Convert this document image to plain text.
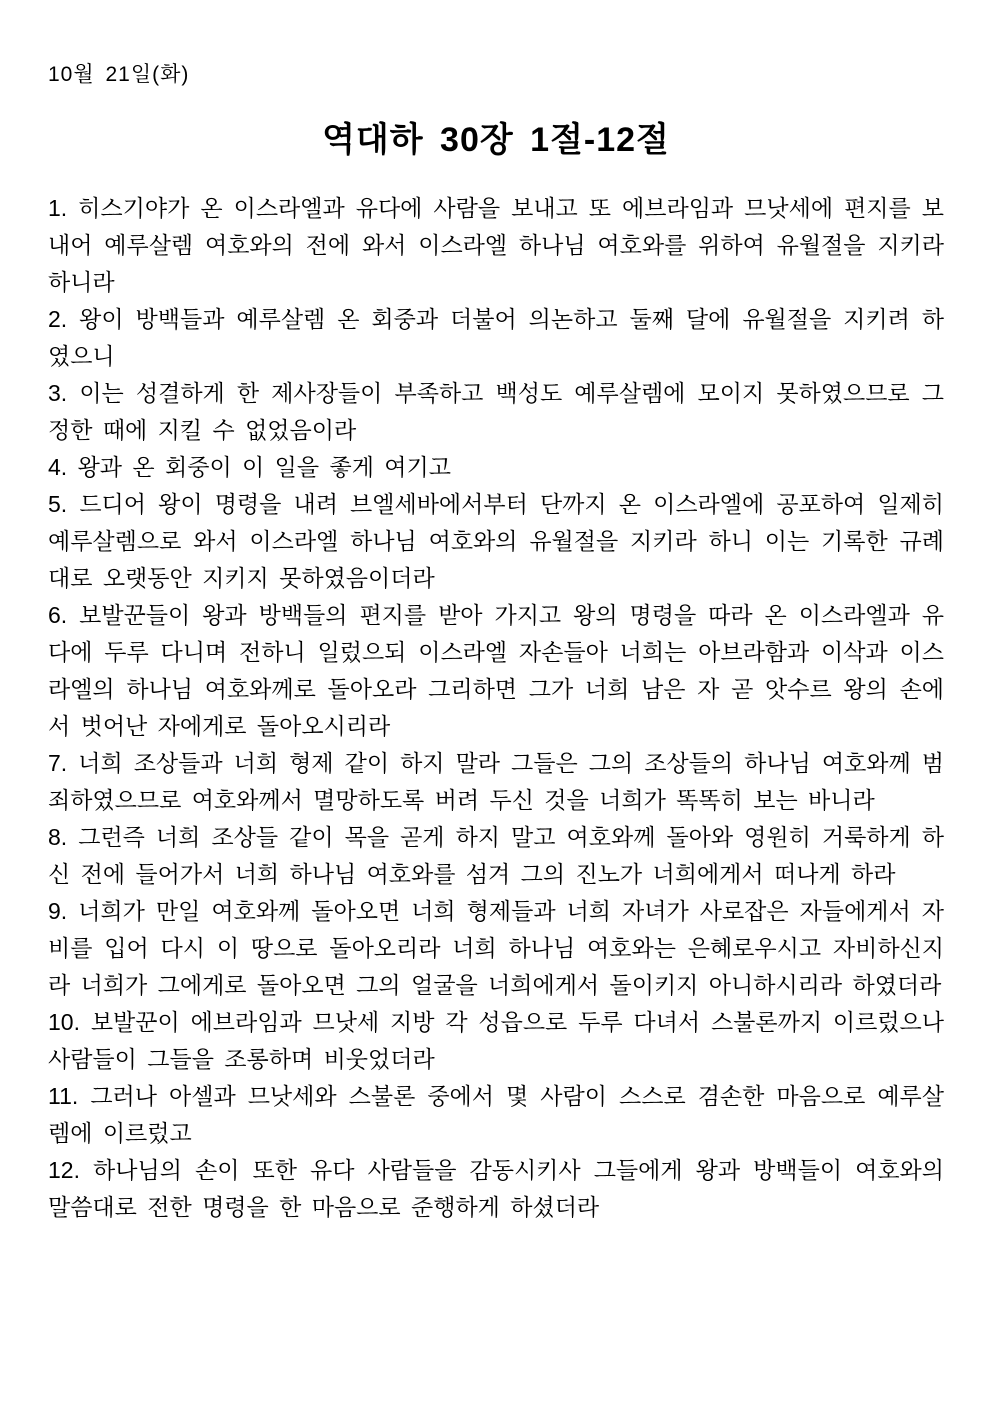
10월 21일(화)
역대하 30장 1절-12절

1. 히스기야가 온 이스라엘과 유다에 사람을 보내고 또 에브라임과 므낫세에 편지를 보내어 예루살렘 여호와의 전에 와서 이스라엘 하나님 여호와를 위하여 유월절을 지키라 하니라

2. 왕이 방백들과 예루살렘 온 회중과 더불어 의논하고 둘째 달에 유월절을 지키려 하였으니

3. 이는 성결하게 한 제사장들이 부족하고 백성도 예루살렘에 모이지 못하였으므로 그 정한 때에 지킬 수 없었음이라

4. 왕과 온 회중이 이 일을 좋게 여기고

5. 드디어 왕이 명령을 내려 브엘세바에서부터 단까지 온 이스라엘에 공포하여 일제히 예루살렘으로 와서 이스라엘 하나님 여호와의 유월절을 지키라 하니 이는 기록한 규례대로 오랫동안 지키지 못하였음이더라

6. 보발꾼들이 왕과 방백들의 편지를 받아 가지고 왕의 명령을 따라 온 이스라엘과 유다에 두루 다니며 전하니 일렀으되 이스라엘 자손들아 너희는 아브라함과 이삭과 이스라엘의 하나님 여호와께로 돌아오라 그리하면 그가 너희 남은 자 곧 앗수르 왕의 손에서 벗어난 자에게로 돌아오시리라

7. 너희 조상들과 너희 형제 같이 하지 말라 그들은 그의 조상들의 하나님 여호와께 범죄하였으므로 여호와께서 멸망하도록 버려 두신 것을 너희가 똑똑히 보는 바니라

8. 그런즉 너희 조상들 같이 목을 곧게 하지 말고 여호와께 돌아와 영원히 거룩하게 하신 전에 들어가서 너희 하나님 여호와를 섬겨 그의 진노가 너희에게서 떠나게 하라

9. 너희가 만일 여호와께 돌아오면 너희 형제들과 너희 자녀가 사로잡은 자들에게서 자비를 입어 다시 이 땅으로 돌아오리라 너희 하나님 여호와는 은혜로우시고 자비하신지라 너희가 그에게로 돌아오면 그의 얼굴을 너희에게서 돌이키지 아니하시리라 하였더라

10. 보발꾼이 에브라임과 므낫세 지방 각 성읍으로 두루 다녀서 스불론까지 이르렀으나 사람들이 그들을 조롱하며 비웃었더라

11. 그러나 아셀과 므낫세와 스불론 중에서 몇 사람이 스스로 겸손한 마음으로 예루살렘에 이르렀고

12. 하나님의 손이 또한 유다 사람들을 감동시키사 그들에게 왕과 방백들이 여호와의 말씀대로 전한 명령을 한 마음으로 준행하게 하셨더라
